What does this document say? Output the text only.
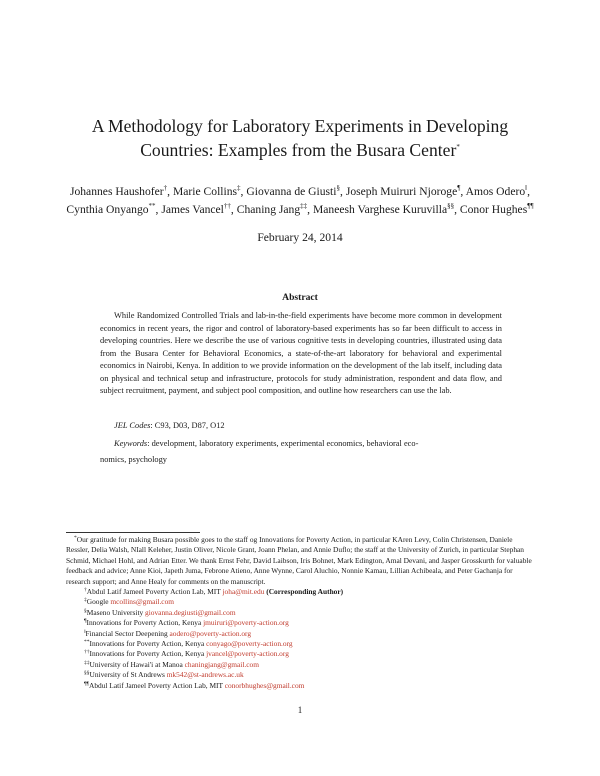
A Methodology for Laboratory Experiments in Developing
Countries: Examples from the Busara Center*
Johannes Haushofer†, Marie Collins‡, Giovanna de Giusti§, Joseph Muiruri Njoroge¶, Amos Odero‖,
Cynthia Onyango**, James Vancel††, Chaning Jang‡‡, Maneesh Varghese Kuruvilla§§, Conor Hughes¶¶
February 24, 2014
Abstract

While Randomized Controlled Trials and lab-in-the-field experiments have become more common in development economics in recent years, the rigor and control of laboratory-based experiments has so far been difficult to access in developing countries. Here we describe the use of various cognitive tests in developing countries, illustrated using data from the Busara Center for Behavioral Economics, a state-of-the-art laboratory for behavioral and experimental economics in Nairobi, Kenya. In addition to we provide information on the development of the lab itself, including data on physical and technical setup and infrastructure, protocols for study administration, respondent and data flow, and subject recruitment, payment, and subject pool composition, and outline how researchers can use the lab.

JEL Codes: C93, D03, D87, O12
Keywords: development, laboratory experiments, experimental economics, behavioral eco-
nomics, psychology

*Our gratitude for making Busara possible goes to the staff og Innovations for Poverty Action, in particular KAren Levy, Colin Christensen, Daniele Ressler, Delia Walsh, NIall Keleher, Justin Oliver, Nicole Grant, Joann Phelan, and Annie Duflo; the staff at the University of Zurich, in particular Stephan Schmid, Michael Hohl, and Adrian Etter. We thank Ernst Fehr, David Laibson, Iris Bohnet, Mark Edington, Amal Devani, and Jasper Grosskurth for valuable feedback and advice; Anne Kioi, Japeth Juma, Febrone Atieno, Anne Wynne, Carol Aluchio, Nonnie Kamau, Lillian Achibeala, and Peter Gachanja for research support; and Anne Healy for comments on the manuscript.

†Abdul Latif Jameel Poverty Action Lab, MIT joha@mit.edu (Corresponding Author)
‡Google mcollins@gmail.com
§Maseno University giovanna.degiusti@gmail.com
¶Innovations for Poverty Action, Kenya jmuiruri@poverty-action.org
‖Financial Sector Deepening aodero@poverty-action.org
**Innovations for Poverty Action, Kenya conyago@poverty-action.org
††Innovations for Poverty Action, Kenya jvancel@poverty-action.org
‡‡University of Hawai'i at Manoa chaningjang@gmail.com
§§University of St Andrews mk542@st-andrews.ac.uk
¶¶Abdul Latif Jameel Poverty Action Lab, MIT conorbhughes@gmail.com
1
